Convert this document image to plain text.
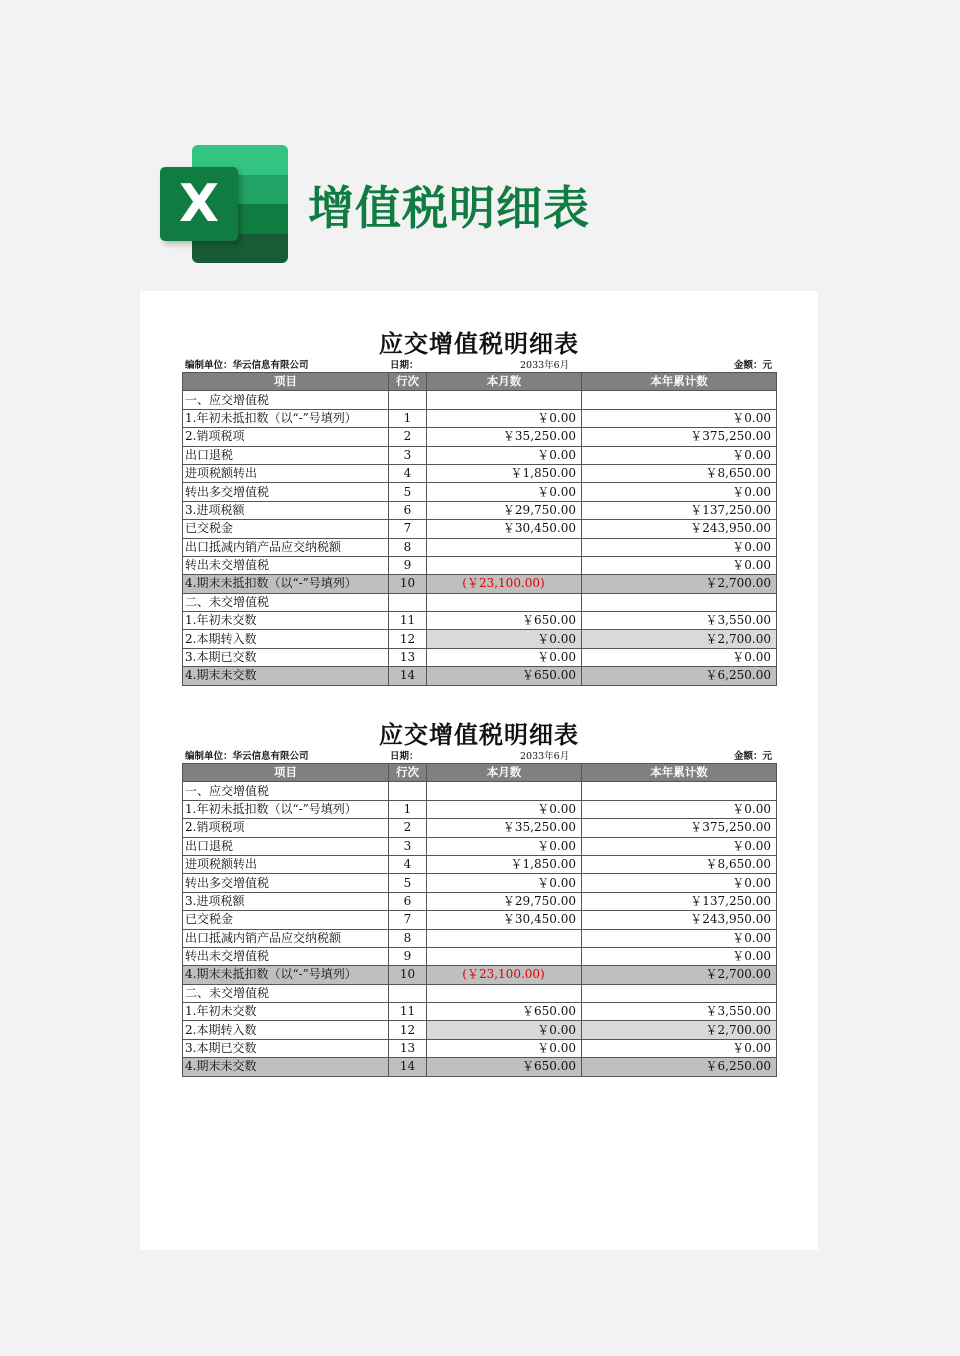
X	增值税明细表
应交增值税明细表
编制单位：华云信息有限公司	日期：	2033年6月	金额：元
项目	行次	本月数	本年累计数
一、应交增值税			
1.年初未抵扣数（以“-”号填列）	1	￥0.00	￥0.00
2.销项税项	2	￥35,250.00	￥375,250.00
出口退税	3	￥0.00	￥0.00
进项税额转出	4	￥1,850.00	￥8,650.00
转出多交增值税	5	￥0.00	￥0.00
3.进项税额	6	￥29,750.00	￥137,250.00
已交税金	7	￥30,450.00	￥243,950.00
出口抵减内销产品应交纳税额	8		￥0.00
转出未交增值税	9		￥0.00
4.期末未抵扣数（以“-”号填列）	10	(￥23,100.00)	￥2,700.00
二、未交增值税			
1.年初未交数	11	￥650.00	￥3,550.00
2.本期转入数	12	￥0.00	￥2,700.00
3.本期已交数	13	￥0.00	￥0.00
4.期末未交数	14	￥650.00	￥6,250.00
应交增值税明细表
编制单位：华云信息有限公司	日期：	2033年6月	金额：元
项目	行次	本月数	本年累计数
一、应交增值税			
1.年初未抵扣数（以“-”号填列）	1	￥0.00	￥0.00
2.销项税项	2	￥35,250.00	￥375,250.00
出口退税	3	￥0.00	￥0.00
进项税额转出	4	￥1,850.00	￥8,650.00
转出多交增值税	5	￥0.00	￥0.00
3.进项税额	6	￥29,750.00	￥137,250.00
已交税金	7	￥30,450.00	￥243,950.00
出口抵减内销产品应交纳税额	8		￥0.00
转出未交增值税	9		￥0.00
4.期末未抵扣数（以“-”号填列）	10	(￥23,100.00)	￥2,700.00
二、未交增值税			
1.年初未交数	11	￥650.00	￥3,550.00
2.本期转入数	12	￥0.00	￥2,700.00
3.本期已交数	13	￥0.00	￥0.00
4.期末未交数	14	￥650.00	￥6,250.00
